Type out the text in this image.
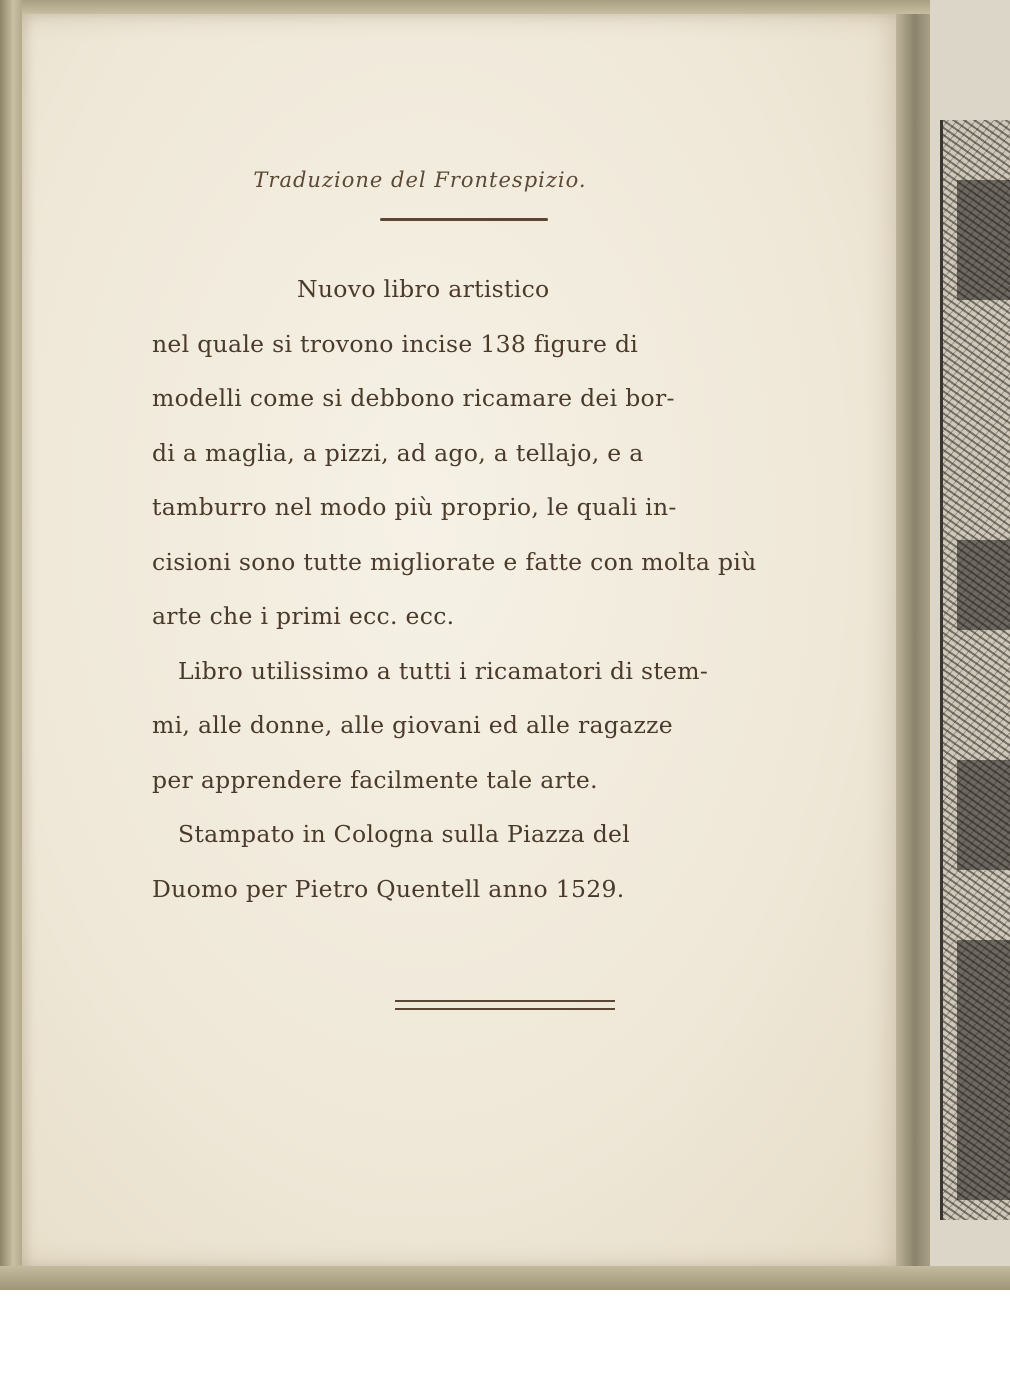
Traduzione del Frontespizio.
Nuovo libro artistico
nel quale si trovono incise 138 figure di
modelli come si debbono ricamare dei bor-
di a maglia, a pizzi, ad ago, a tellajo, e a
tamburro nel modo più proprio, le quali in-
cisioni sono tutte migliorate e fatte con molta più
arte che i primi ecc. ecc.
Libro utilissimo a tutti i ricamatori di stem-
mi, alle donne, alle giovani ed alle ragazze
per apprendere facilmente tale arte.
Stampato in Cologna sulla Piazza del
Duomo per Pietro Quentell anno 1529.
